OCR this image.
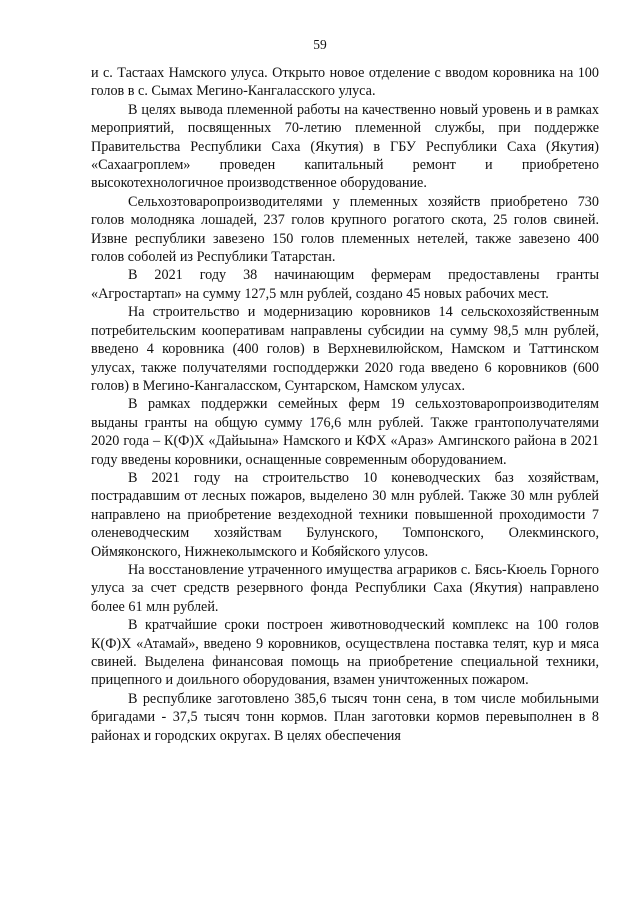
59

и с. Тастаах Намского улуса. Открыто новое отделение с вводом коровника на 100 голов в с. Сымах Мегино-Кангаласского улуса.

В целях вывода племенной работы на качественно новый уровень и в рамках мероприятий, посвященных 70-летию племенной службы, при поддержке Правительства Республики Саха (Якутия) в ГБУ Республики Саха (Якутия) «Сахаагроплем» проведен капитальный ремонт и приобретено высокотехнологичное производственное оборудование.

Сельхозтоваропроизводителями у племенных хозяйств приобретено 730 голов молодняка лошадей, 237 голов крупного рогатого скота, 25 голов свиней. Извне республики завезено 150 голов племенных нетелей, также завезено 400 голов соболей из Республики Татарстан.

В 2021 году 38 начинающим фермерам предоставлены гранты «Агростартап» на сумму 127,5 млн рублей, создано 45 новых рабочих мест.

На строительство и модернизацию коровников 14 сельскохозяйственным потребительским кооперативам направлены субсидии на сумму 98,5 млн рублей, введено 4 коровника (400 голов) в Верхневилюйском, Намском и Таттинском улусах, также получателями господдержки 2020 года введено 6 коровников (600 голов) в Мегино-Кангаласском, Сунтарском, Намском улусах.

В рамках поддержки семейных ферм 19 сельхозтоваропроизводителям выданы гранты на общую сумму 176,6 млн рублей. Также грантополучателями 2020 года – К(Ф)Х «Дайыына» Намского и КФХ «Араз» Амгинского района в 2021 году введены коровники, оснащенные современным оборудованием.

В 2021 году на строительство 10 коневодческих баз хозяйствам, пострадавшим от лесных пожаров, выделено 30 млн рублей. Также 30 млн рублей направлено на приобретение вездеходной техники повышенной проходимости 7 оленеводческим хозяйствам Булунского, Томпонского, Олекминского, Оймяконского, Нижнеколымского и Кобяйского улусов.

На восстановление утраченного имущества аграриков с. Бясь-Кюель Горного улуса за счет средств резервного фонда Республики Саха (Якутия) направлено более 61 млн рублей.

В кратчайшие сроки построен животноводческий комплекс на 100 голов К(Ф)Х «Атамай», введено 9 коровников, осуществлена поставка телят, кур и мяса свиней. Выделена финансовая помощь на приобретение специальной техники, прицепного и доильного оборудования, взамен уничтоженных пожаром.

В республике заготовлено 385,6 тысяч тонн сена, в том числе мобильными бригадами - 37,5 тысяч тонн кормов. План заготовки кормов перевыполнен в 8 районах и городских округах. В целях обеспечения
